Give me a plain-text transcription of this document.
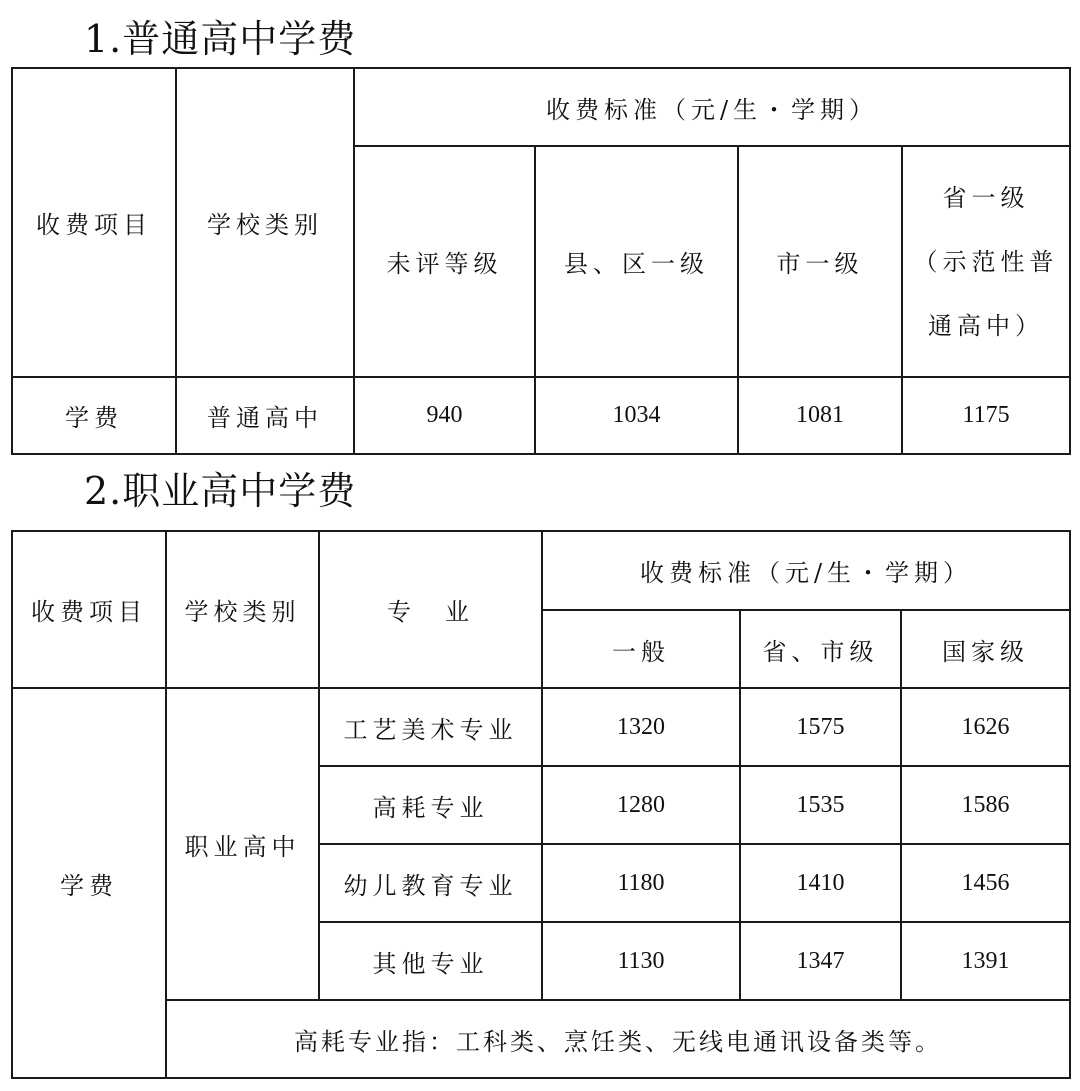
1.普通高中学费
收费项目	学校类别	收费标准（元/生・学期）			
		未评等级	县、区一级	市一级	省一级
（示范性普
通高中）

学费	普通高中	940	1034	1081	1175
2.职业高中学费
收费项目	学校类别	专　业	收费标准（元/生・学期）		
			一般	省、市级	国家级
学费	职业高中	工艺美术专业	1320	1575	1626
		高耗专业	1280	1535	1586
		幼儿教育专业	1180	1410	1456
		其他专业	1130	1347	1391
	高耗专业指：工科类、烹饪类、无线电通讯设备类等。				
